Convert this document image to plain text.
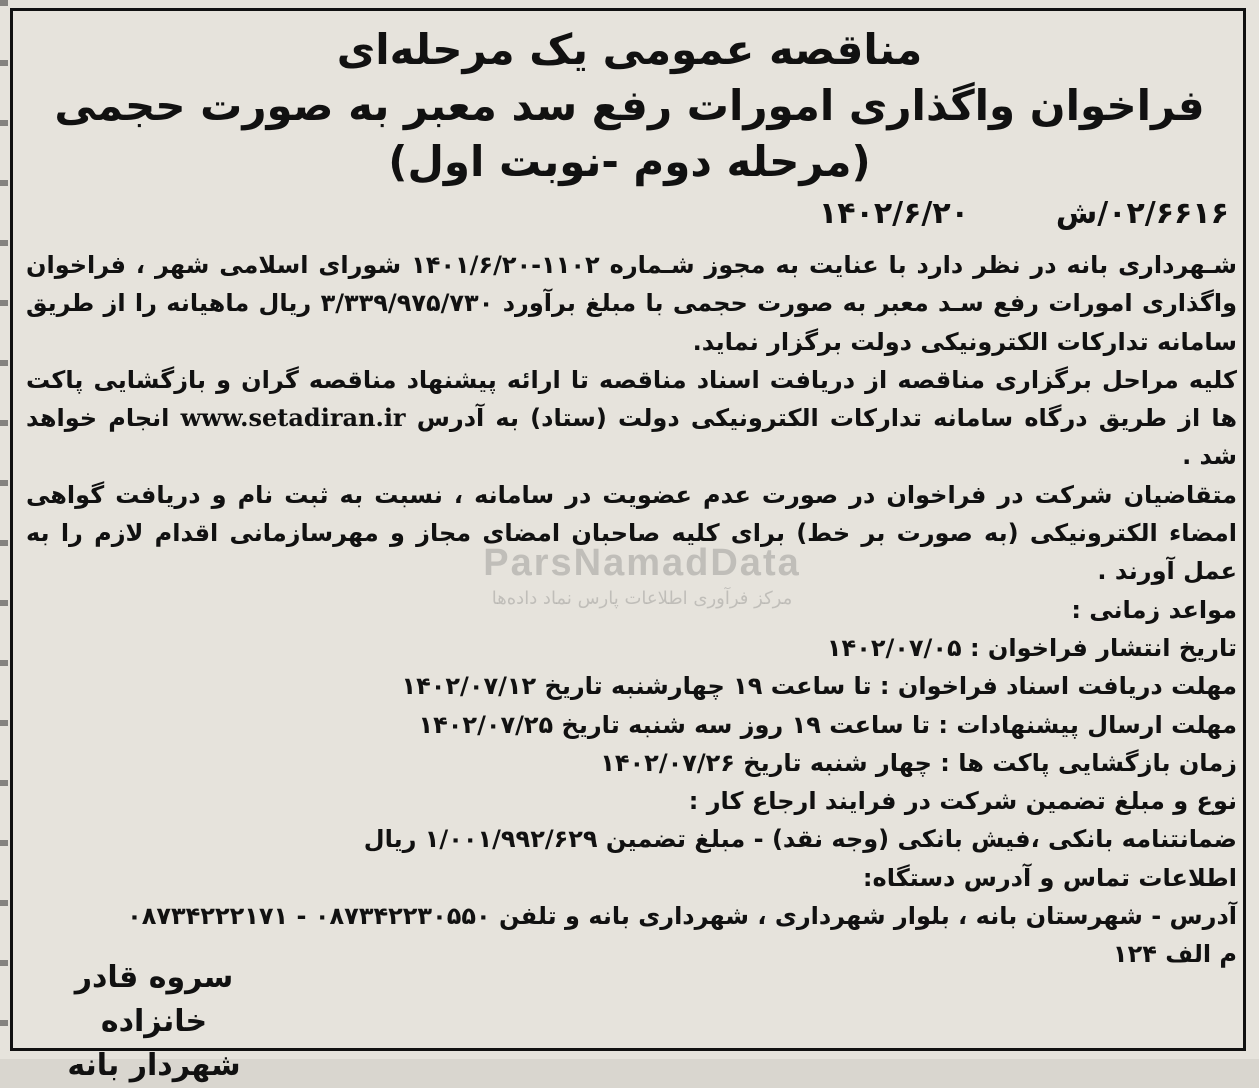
مناقصه عمومی یک مرحله‌ای
فراخوان واگذاری امورات رفع سد معبر به صورت حجمی
(مرحله دوم -نوبت اول)
۰۲/۶۶۱۶/ش
۱۴۰۲/۶/۲۰

شـهرداری بانه در نظر دارد با عنایت به مجوز شـماره ۱۱۰۲-۱۴۰۱/۶/۲۰ شورای اسلامی شهر ، فراخوان واگذاری امورات رفع سـد معبر به صورت حجمی با مبلغ برآورد ۳/۳۳۹/۹۷۵/۷۳۰ ریال ماهیانه را از طریق سامانه تدارکات الکترونیکی دولت برگزار نماید.

کلیه مراحل برگزاری مناقصه از دریافت اسناد مناقصه تا ارائه پیشنهاد مناقصه گران و بازگشایی پاکت ها از طریق درگاه سامانه تدارکات الکترونیکی دولت (ستاد) به آدرس www.setadiran.ir انجام خواهد شد .

متقاضیان شرکت در فراخوان در صورت عدم عضویت در سامانه ، نسبت به ثبت نام و دریافت گواهی امضاء الکترونیکی (به صورت بر خط) برای کلیه صاحبان امضای مجاز و مهرسازمانی اقدام لازم را به عمل آورند .

مواعد زمانی :

تاریخ انتشار فراخوان : ۱۴۰۲/۰۷/۰۵

مهلت دریافت اسناد فراخوان : تا ساعت ۱۹ چهارشنبه تاریخ ۱۴۰۲/۰۷/۱۲

مهلت ارسال پیشنهادات : تا ساعت ۱۹ روز سه شنبه تاریخ ۱۴۰۲/۰۷/۲۵

زمان بازگشایی پاکت ها : چهار شنبه تاریخ ۱۴۰۲/۰۷/۲۶

نوع و مبلغ تضمین شرکت در فرایند ارجاع کار :

ضمانتنامه بانکی ،فیش بانکی (وجه نقد) - مبلغ تضمین ۱/۰۰۱/۹۹۲/۶۲۹ ریال

اطلاعات تماس و آدرس دستگاه:

آدرس - شهرستان بانه ، بلوار شهرداری ، شهرداری بانه و تلفن ۰۸۷۳۴۲۲۳۰۵۵۰ - ۰۸۷۳۴۲۲۲۱۷۱

م الف ۱۲۴

سروه قادر خانزاده
شهردار بانه
ParsNamadData
مرکز فرآوری اطلاعات پارس نماد داده‌ها
